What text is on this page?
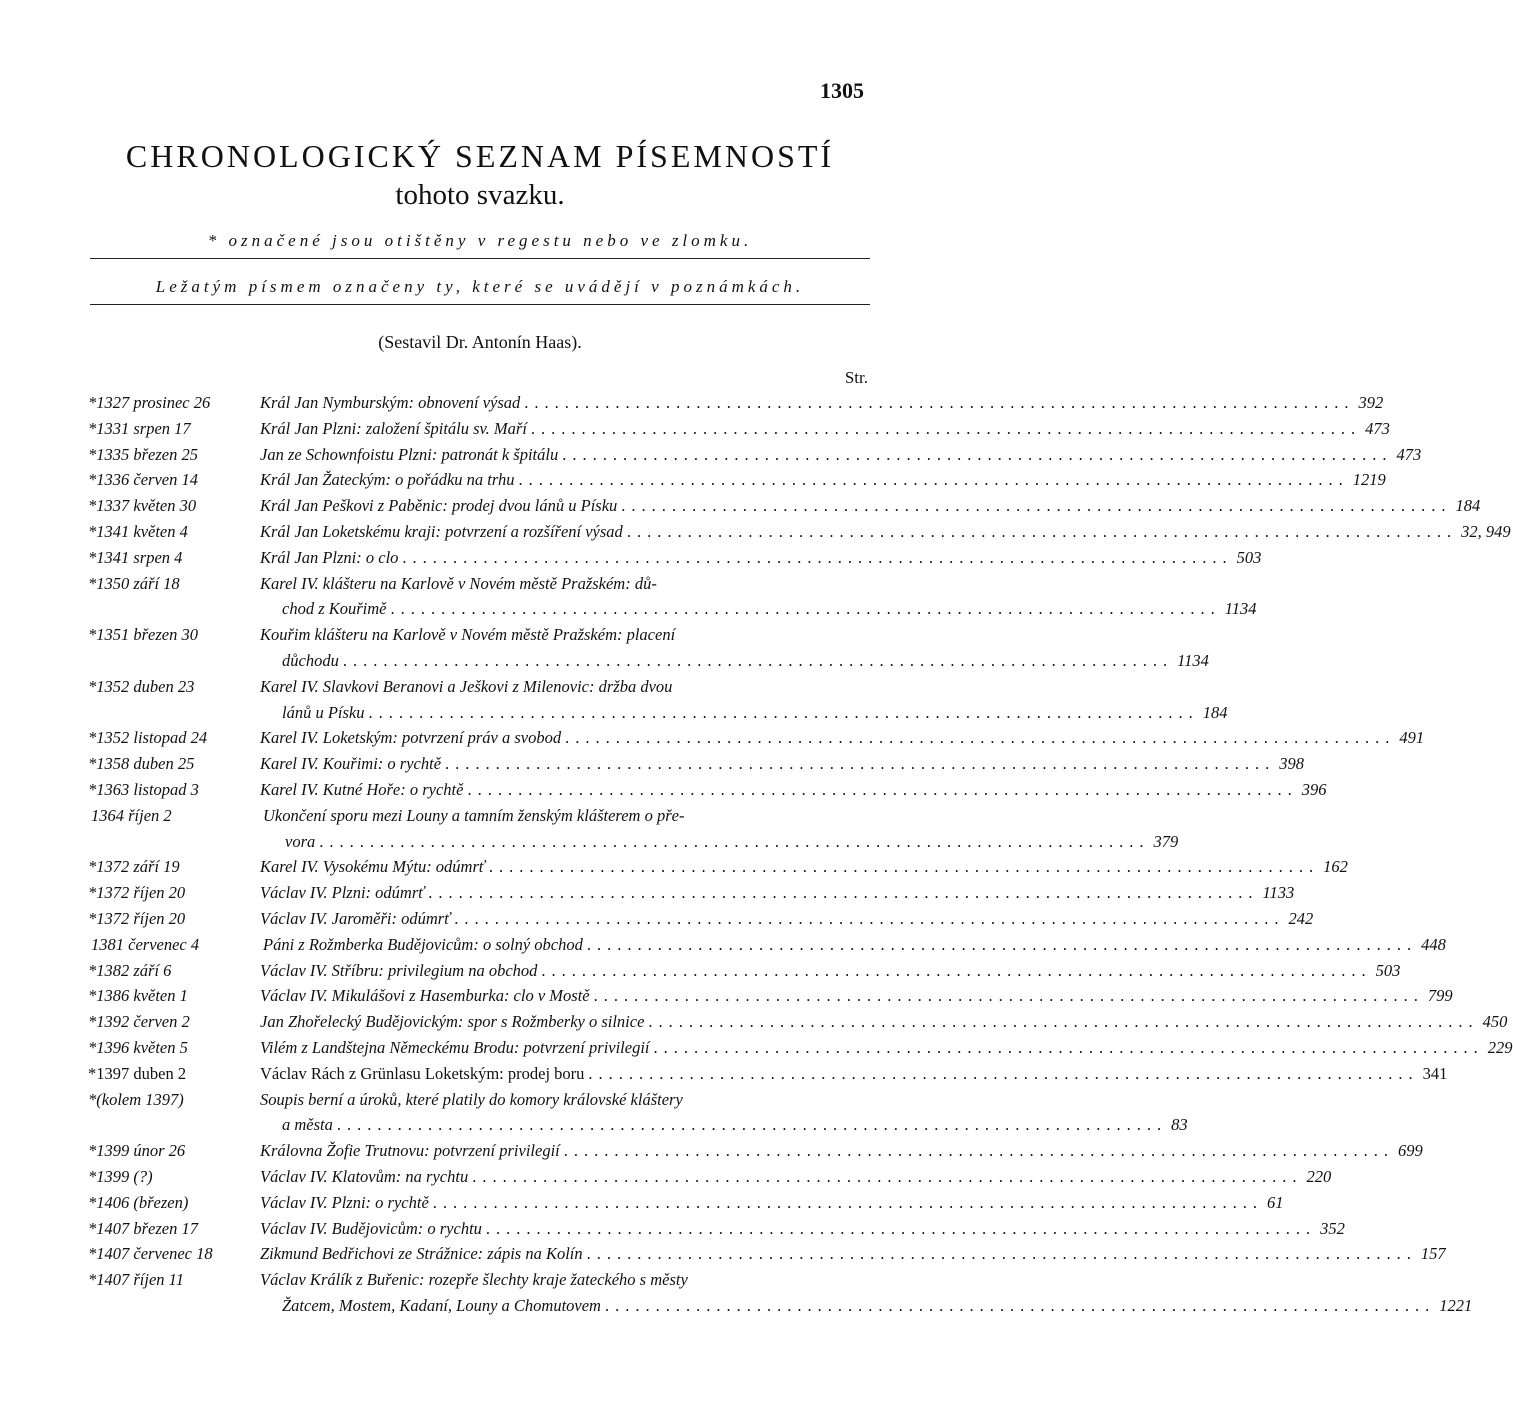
1305
CHRONOLOGICKÝ SEZNAM PÍSEMNOSTÍ
tohoto svazku.
* označené jsou otištěny v regestu nebo ve zlomku.
Ležatým písmem označeny ty, které se uvádějí v poznámkách.
(Sestavil Dr. Antonín Haas).
Str.
*1327 prosinec 26	Král Jan Nymburským: obnovení výsad .................................................................................. 392
*1331 srpen 17	Král Jan Plzni: založení špitálu sv. Maří .................................................................................. 473
*1335 březen 25	Jan ze Schownfoistu Plzni: patronát k špitálu .................................................................................. 473
*1336 červen 14	Král Jan Žateckým: o pořádku na trhu .................................................................................. 1219
*1337 květen 30	Král Jan Peškovi z Paběnic: prodej dvou lánů u Písku .................................................................................. 184
*1341 květen 4	Král Jan Loketskému kraji: potvrzení a rozšíření výsad .................................................................................. 32, 949
*1341 srpen 4	Král Jan Plzni: o clo .................................................................................. 503
*1350 září 18	Karel IV. klášteru na Karlově v Novém městě Pražském: dů-
chod z Kouřimě .................................................................................. 1134
*1351 březen 30	Kouřim klášteru na Karlově v Novém městě Pražském: placení
důchodu .................................................................................. 1134
*1352 duben 23	Karel IV. Slavkovi Beranovi a Ješkovi z Milenovic: držba dvou
lánů u Písku .................................................................................. 184
*1352 listopad 24	Karel IV. Loketským: potvrzení práv a svobod .................................................................................. 491
*1358 duben 25	Karel IV. Kouřimi: o rychtě .................................................................................. 398
*1363 listopad 3	Karel IV. Kutné Hoře: o rychtě .................................................................................. 396
1364 říjen 2	Ukončení sporu mezi Louny a tamním ženským klášterem o pře-
vora .................................................................................. 379
*1372 září 19	Karel IV. Vysokému Mýtu: odúmrť .................................................................................. 162
*1372 říjen 20	Václav IV. Plzni: odúmrť .................................................................................. 1133
*1372 říjen 20	Václav IV. Jaroměři: odúmrť .................................................................................. 242
1381 červenec 4	Páni z Rožmberka Budějovicům: o solný obchod .................................................................................. 448
*1382 září 6	Václav IV. Stříbru: privilegium na obchod .................................................................................. 503
*1386 květen 1	Václav IV. Mikulášovi z Hasemburka: clo v Mostě .................................................................................. 799
*1392 červen 2	Jan Zhořelecký Budějovickým: spor s Rožmberky o silnice .................................................................................. 450
*1396 květen 5	Vilém z Landštejna Německému Brodu: potvrzení privilegií .................................................................................. 229
*1397 duben 2	Václav Rách z Grünlasu Loketským: prodej boru .................................................................................. 341
*(kolem 1397)	Soupis berní a úroků, které platily do komory královské kláštery
a města .................................................................................. 83
*1399 únor 26	Královna Žofie Trutnovu: potvrzení privilegií .................................................................................. 699
*1399 (?)	Václav IV. Klatovům: na rychtu .................................................................................. 220
*1406 (březen)	Václav IV. Plzni: o rychtě .................................................................................. 61
*1407 březen 17	Václav IV. Budějovicům: o rychtu .................................................................................. 352
*1407 červenec 18	Zikmund Bedřichovi ze Strážnice: zápis na Kolín .................................................................................. 157
*1407 říjen 11	Václav Králík z Buřenic: rozepře šlechty kraje žateckého s městy
Žatcem, Mostem, Kadaní, Louny a Chomutovem .................................................................................. 1221
